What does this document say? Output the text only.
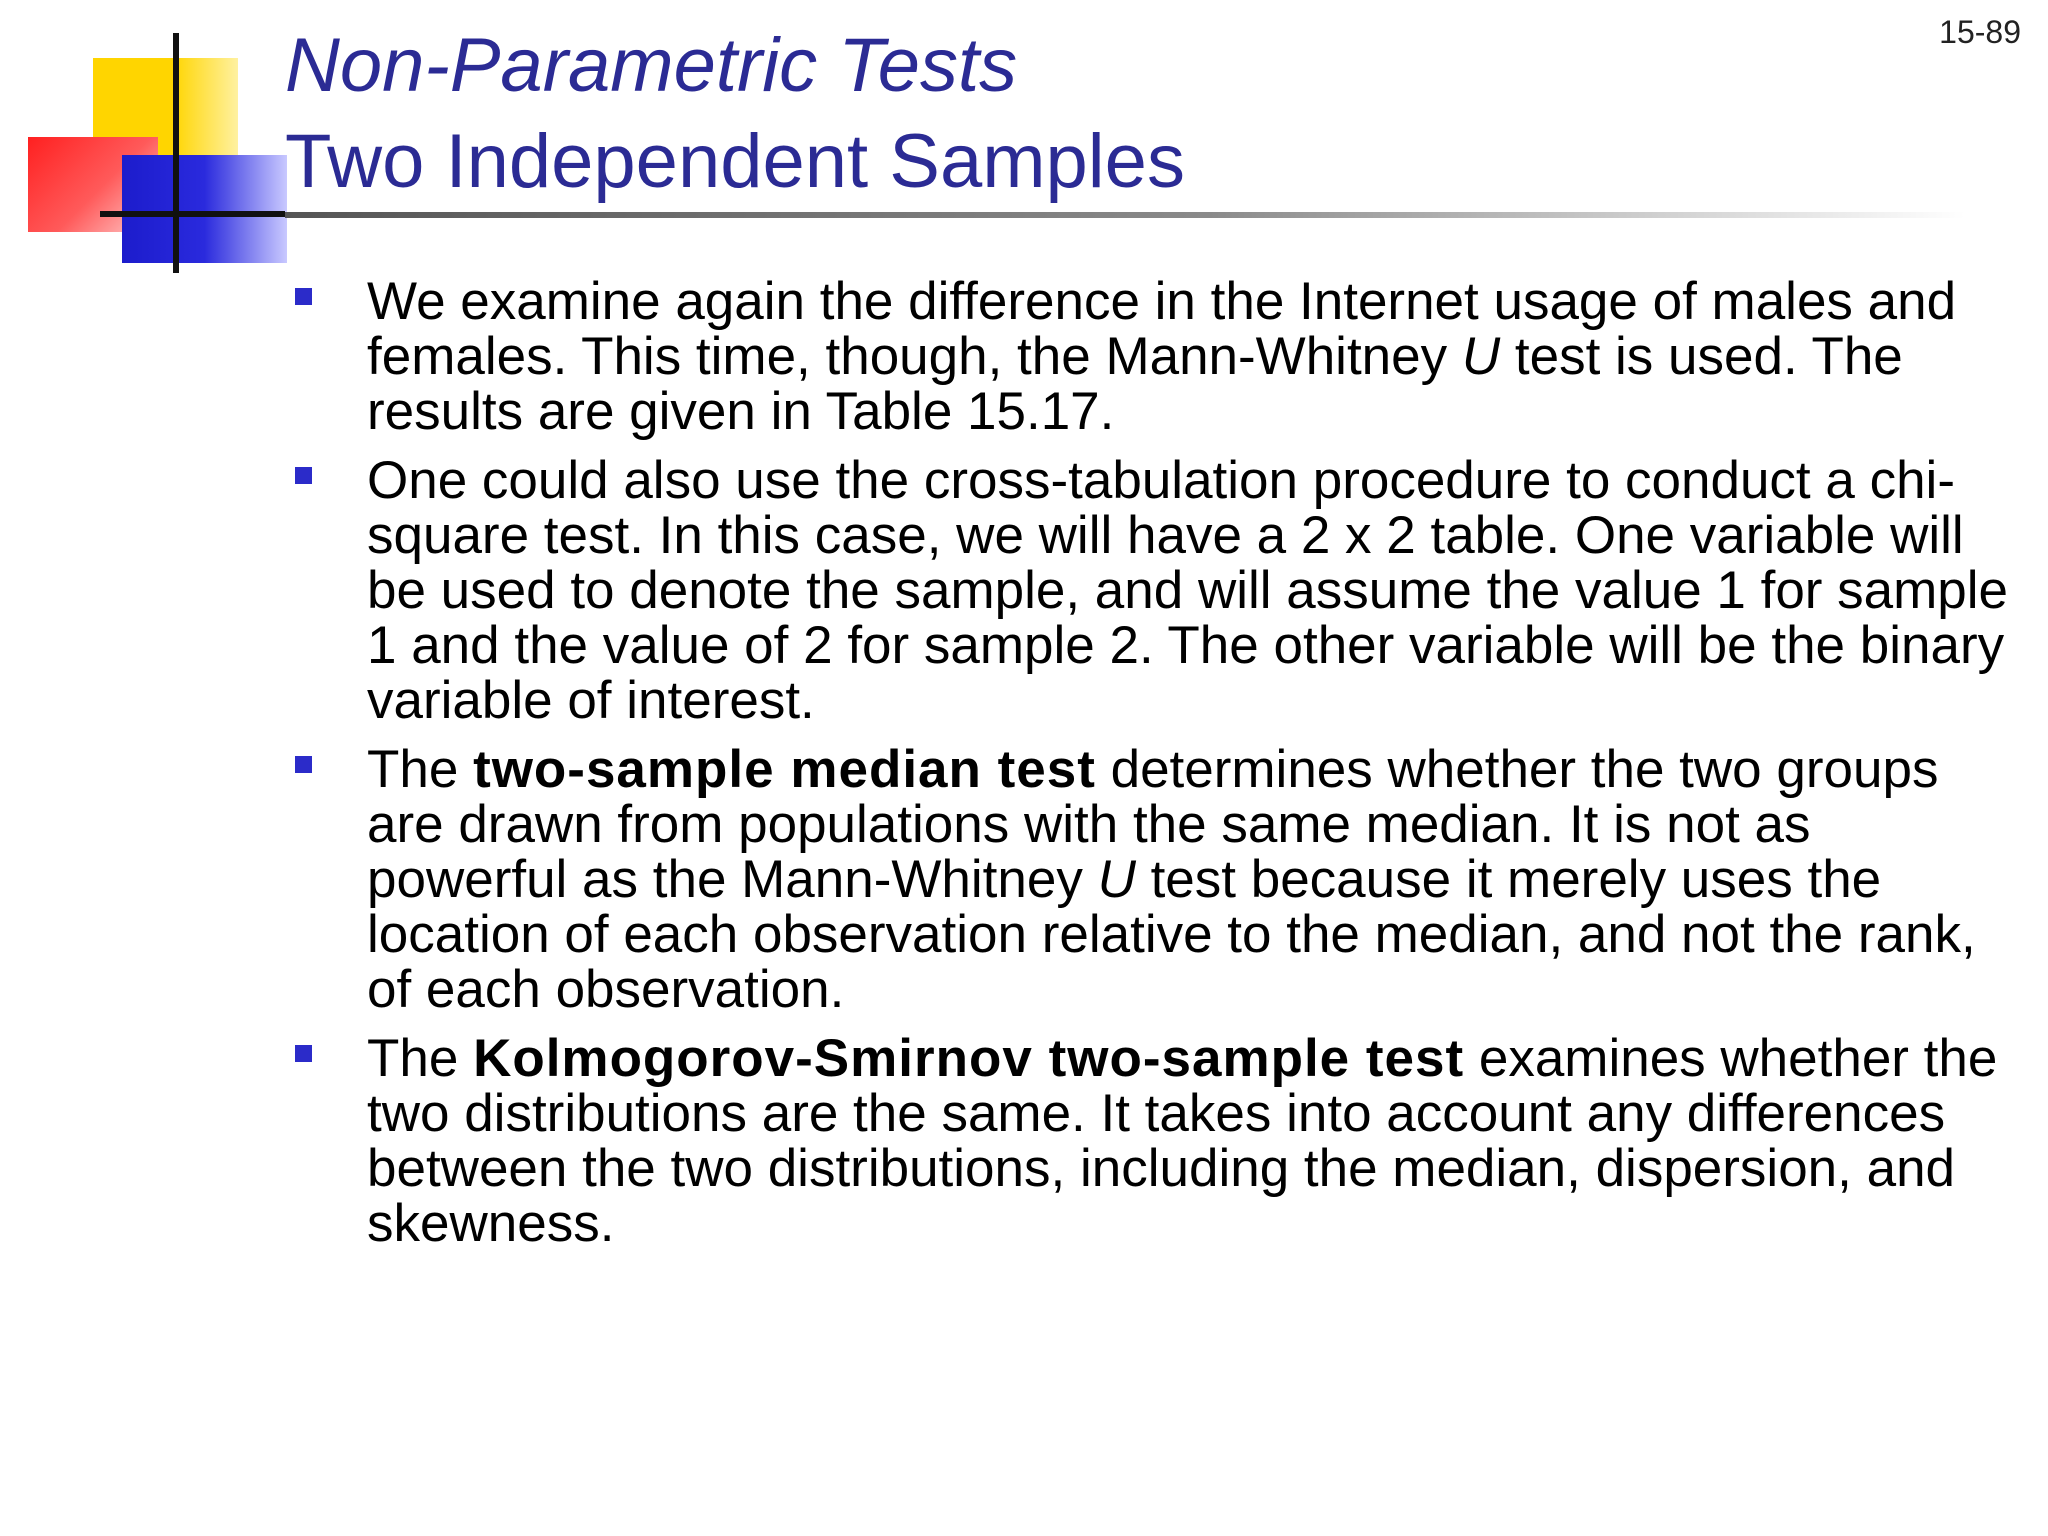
15-89
Non-Parametric Tests
Two Independent Samples
We examine again the difference in the Internet usage of males and females. This time, though, the Mann-Whitney U test is used. The results are given in Table 15.17.
One could also use the cross-tabulation procedure to conduct a chi-square test. In this case, we will have a 2 x 2 table. One variable will be used to denote the sample, and will assume the value 1 for sample 1 and the value of 2 for sample 2. The other variable will be the binary variable of interest.
The two-sample median test determines whether the two groups are drawn from populations with the same median. It is not as powerful as the Mann-Whitney U test because it merely uses the location of each observation relative to the median, and not the rank, of each observation.
The Kolmogorov-Smirnov two-sample test examines whether the two distributions are the same. It takes into account any differences between the two distributions, including the median, dispersion, and skewness.
